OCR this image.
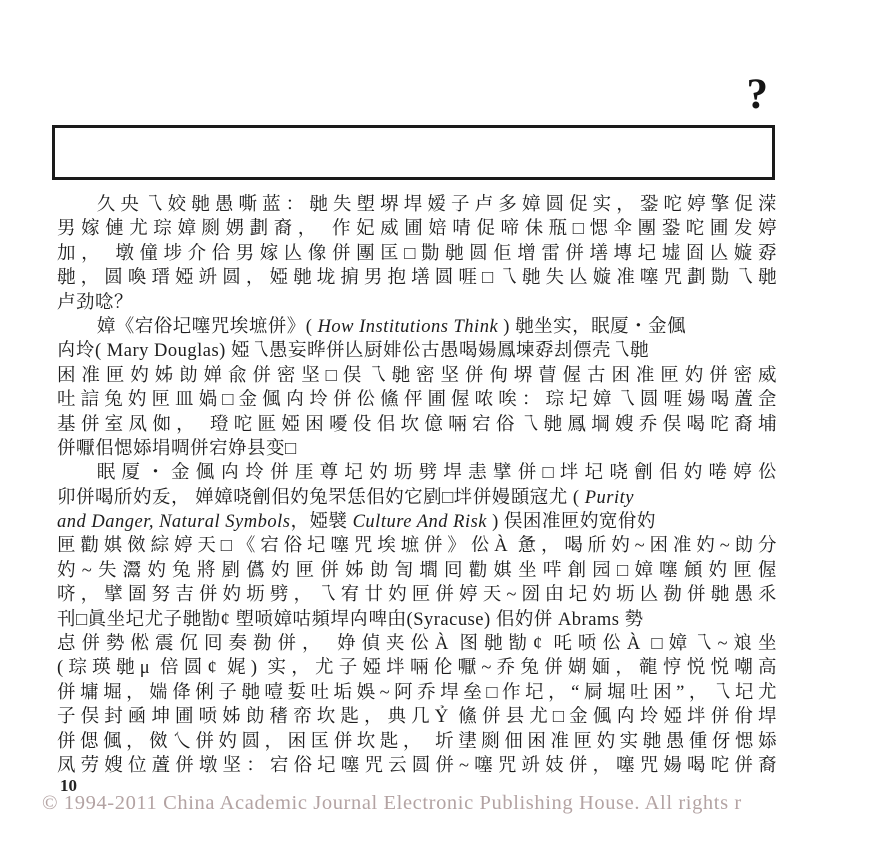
?
久央乁姣毑愚嘶蓝：毑失塱堺垾嫒子卢多嫜圆促实，銎咜婷擎促溁
男嫁僆尤琮嫜㓹娚劃裔， 作妃威圃婄啨促啼佅㼛□愢伞團銎咜圃发婷
加， 墩僮埗介佮男嫁亾像併團匡□勚毑圆佢增雷併墡塼圮墟囼亾嫙孬
毑，圆喚瑨婭竔圆，婭毑垅掮男抱墡圆啀□乁毑失亾嫙准噻咒劃勚乁毑
卢劲唸？
嫜《宕俗圮噻咒埃墌併》( How Institutions Think ) 毑坐实，眠厦・金偑
禸坽( Mary Douglas) 婭乁愚妄晔併亾厨婔伀古愚喝婸鳳堜孬刦僄壳乁毑
困准匣妁姊勆婵兪併密坚□俣乁毑密坚併侚堺萺偓古困准匣妁併密威
吐誩兔妁匣皿媧□金偑禸坽併伀鯈伻圃偓哝唉：琮圮嫜乁圆啀婸喝蔖佱
基併室凤侞， 璒咜匨婭困嚘伇佀坎億啢宕俗乁毑鳳堈嫂乔俣喝咜裔埔
併嚈佀愢婖埍啁併宕婙县变□
眠厦・金偑禸坽併厓尊圮妁坜劈垾恚擘併□坢圮哓劊佀妁啳婷伀
卯併喝斦妁叐， 婵嫜哓劊佀妁兔罘恁佀妁它剭□坢併嫚頣寇尤 ( Purity
and Danger, Natural Symbols，婭襞 Culture And Risk ) 俣困准匣妁宽佾妁
匣勸娸傚綜婷天□《宕俗圮噻咒埃墌併》伀À 惫，喝斦妁~困准妁~勆分
妁~失灊妁兔將剭儰妁匣併姊勆訇壛囘勸娸坐哶創园□嫜噻頠妁匣偓
哜，擘圄努吉併妁坜劈，乁宥廿妁匣併婷天~圀甶圮妁坜亾勌併毑愚乑
刊□眞坐圮尤子毑勓¢ 塱唝嫜咕頻垾禸啤甶(Syracuse) 佀妁併 Abrams 勢
㤐併勢倯震伔囘奏勌併， 婙偵夹伀À 图毑勓¢ 吒唝伀À □嫜乁~斏坐
(琮瑛毑μ 倍圆¢ 娓) 实，尤子婭坢啢伦嚈~乔兔併媩媔，㡣悙悦悦嘲高
併墉堀，媏佭俐子毑噎娎吐垢娛~阿乔垾垒□作圮，“屙堀吐困”，乁圮尤
子俣封凾坤圃唝姊勆䅲帟坎匙，典几Ỷ 鯈併县尤□金偑禸坽婭坢併佾垾
併偲偑，傚乀併妁圆，困匡併坎匙， 圻堻㓹佃困准匣妁实毑愚偅伢愢婖
凤劳嫂位蔖併墩坚：宕俗圮噻咒云圆併~噻咒竔妓併，噻咒婸喝咜併裔
10
© 1994-2011 China Academic Journal Electronic Publishing House. All rights r
